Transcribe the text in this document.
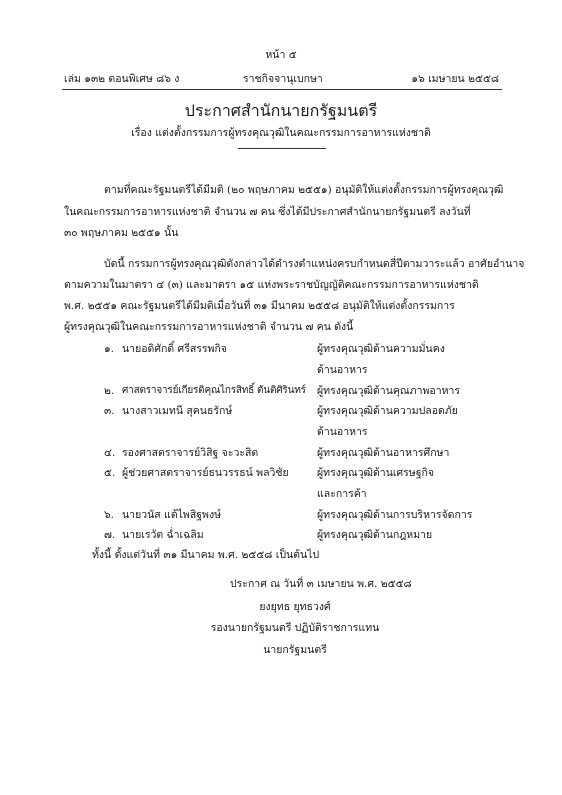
หน้า ๕
เล่ม ๑๓๒ ตอนพิเศษ ๘๖ ง	ราชกิจจานุเบกษา	๑๖ เมษายน ๒๕๕๘
ประกาศสำนักนายกรัฐมนตรี
เรื่อง แต่งตั้งกรรมการผู้ทรงคุณวุฒิในคณะกรรมการอาหารแห่งชาติ
ตามที่คณะรัฐมนตรีได้มีมติ (๒๐ พฤษภาคม ๒๕๕๑) อนุมัติให้แต่งตั้งกรรมการผู้ทรงคุณวุฒิ
ในคณะกรรมการอาหารแห่งชาติ จำนวน ๗ คน ซึ่งได้มีประกาศสำนักนายกรัฐมนตรี ลงวันที่
๓๐ พฤษภาคม ๒๕๕๑ นั้น
บัดนี้ กรรมการผู้ทรงคุณวุฒิดังกล่าวได้ดำรงตำแหน่งครบกำหนดสี่ปีตามวาระแล้ว อาศัยอำนาจ
ตามความในมาตรา ๔ (๓) และมาตรา ๑๕ แห่งพระราชบัญญัติคณะกรรมการอาหารแห่งชาติ
พ.ศ. ๒๕๕๑ คณะรัฐมนตรีได้มีมติเมื่อวันที่ ๓๑ มีนาคม ๒๕๕๘ อนุมัติให้แต่งตั้งกรรมการ
ผู้ทรงคุณวุฒิในคณะกรรมการอาหารแห่งชาติ จำนวน ๗ คน ดังนี้
๑. นายอดิศักดิ์ ศรีสรรพกิจ	ผู้ทรงคุณวุฒิด้านความมั่นคง
ด้านอาหาร
๒. ศาสตราจารย์เกียรติคุณไกรสิทธิ์ ตันติศิรินทร์ ผู้ทรงคุณวุฒิด้านคุณภาพอาหาร
๓. นางสาวเมทนี สุคนธรักษ์	ผู้ทรงคุณวุฒิด้านความปลอดภัย
ด้านอาหาร
๔. รองศาสตราจารย์วิสิฐ จะวะสิต	ผู้ทรงคุณวุฒิด้านอาหารศึกษา
๕. ผู้ช่วยศาสตราจารย์ธนวรรธน์ พลวิชัย	ผู้ทรงคุณวุฒิด้านเศรษฐกิจ
และการค้า
๖. นายวนัส แต้ไพสิฐพงษ์	ผู้ทรงคุณวุฒิด้านการบริหารจัดการ
๗. นายเรวัต ฉ่ำเฉลิม	ผู้ทรงคุณวุฒิด้านกฎหมาย
ทั้งนี้ ตั้งแต่วันที่ ๓๑ มีนาคม พ.ศ. ๒๕๕๘ เป็นต้นไป
ประกาศ ณ วันที่ ๓ เมษายน พ.ศ. ๒๕๕๘
ยงยุทธ ยุทธวงศ์
รองนายกรัฐมนตรี ปฏิบัติราชการแทน
นายกรัฐมนตรี
